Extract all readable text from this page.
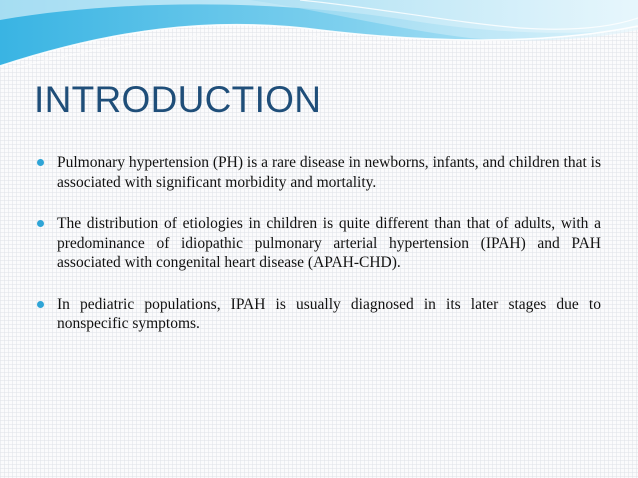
INTRODUCTION
Pulmonary hypertension (PH) is a rare disease in newborns, infants, and children that is associated with significant morbidity and mortality.
The distribution of etiologies in children is quite different than that of adults, with a predominance of idiopathic pulmonary arterial hypertension (IPAH) and PAH associated with congenital heart disease (APAH-CHD).
In pediatric populations, IPAH is usually diagnosed in its later stages due to nonspecific symptoms.
